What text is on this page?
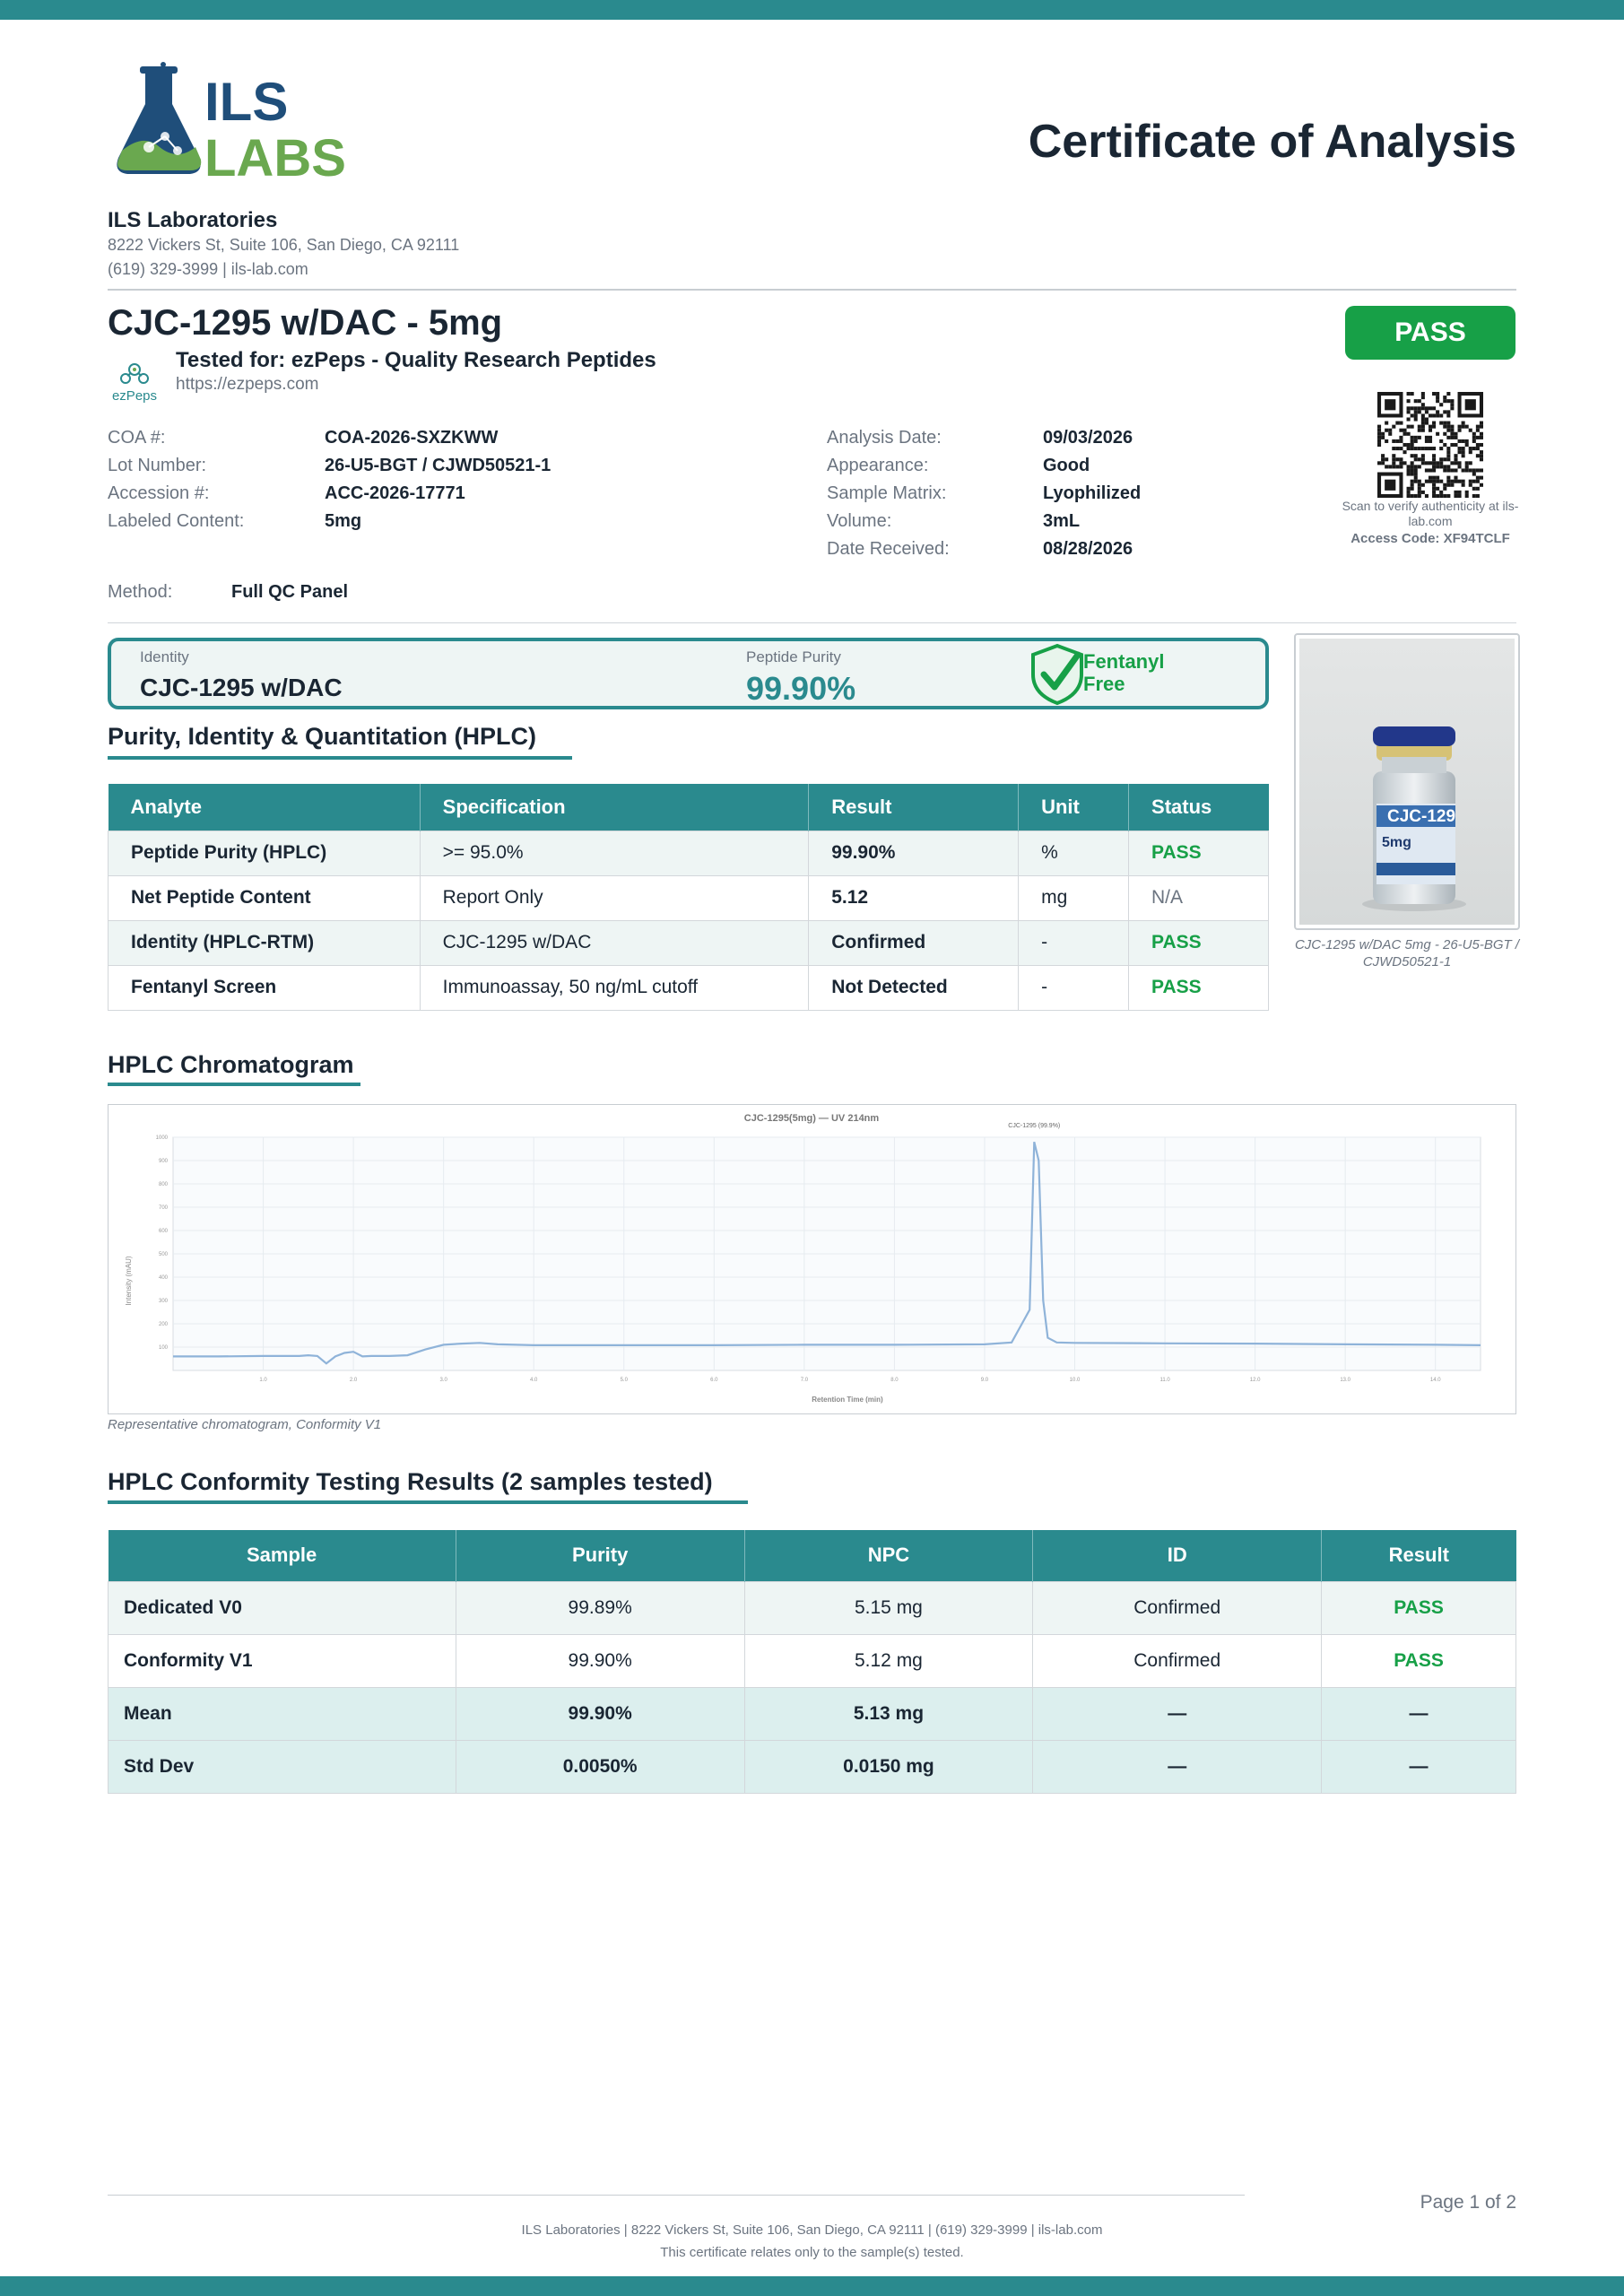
ILS
LABS	Certificate of Analysis
ILS Laboratories
8222 Vickers St, Suite 106, San Diego, CA 92111
(619) 329-3999 | ils-lab.com
CJC-1295 w/DAC - 5mg
ezPeps
Tested for: ezPeps - Quality Research Peptides
https://ezpeps.com
PASS
COA #:	COA-2026-SXZKWW
Lot Number:	26-U5-BGT / CJWD50521-1
Accession #:	ACC-2026-17771
Labeled Content:	5mg
Analysis Date:	09/03/2026
Appearance:	Good
Sample Matrix:	Lyophilized
Volume:	3mL
Date Received:	08/28/2026
Scan to verify authenticity at ils-lab.com
Access Code: XF94TCLF
Method:	Full QC Panel
Identity
CJC-1295 w/DAC
Peptide Purity
99.90%
Fentanyl
Free
CJC-129
5mg
CJC-1295 w/DAC 5mg - 26-U5-BGT / CJWD50521-1
Purity, Identity & Quantitation (HPLC)
Analyte	Specification	Result	Unit	Status
Peptide Purity (HPLC)	>= 95.0%	99.90%	%	PASS
Net Peptide Content	Report Only	5.12	mg	N/A
Identity (HPLC-RTM)	CJC-1295 w/DAC	Confirmed	-	PASS
Fentanyl Screen	Immunoassay, 50 ng/mL cutoff	Not Detected	-	PASS
HPLC Chromatogram
CJC-1295(5mg) — UV 214nm
Retention Time (min)
Intensity (mAU)
1.0	2.0	3.0	4.0	5.0	6.0	7.0	8.0	9.0	10.0	11.0	12.0	13.0	14.0
100
200
300
400
500
600
700
800
900
1000
CJC-1295 (99.9%)
Representative chromatogram, Conformity V1
HPLC Conformity Testing Results (2 samples tested)
Sample	Purity	NPC	ID	Result
Dedicated V0	99.89%	5.15 mg	Confirmed	PASS
Conformity V1	99.90%	5.12 mg	Confirmed	PASS
Mean	99.90%	5.13 mg	—	—
Std Dev	0.0050%	0.0150 mg	—	—
Page 1 of 2
ILS Laboratories | 8222 Vickers St, Suite 106, San Diego, CA 92111 | (619) 329-3999 | ils-lab.com
This certificate relates only to the sample(s) tested.
